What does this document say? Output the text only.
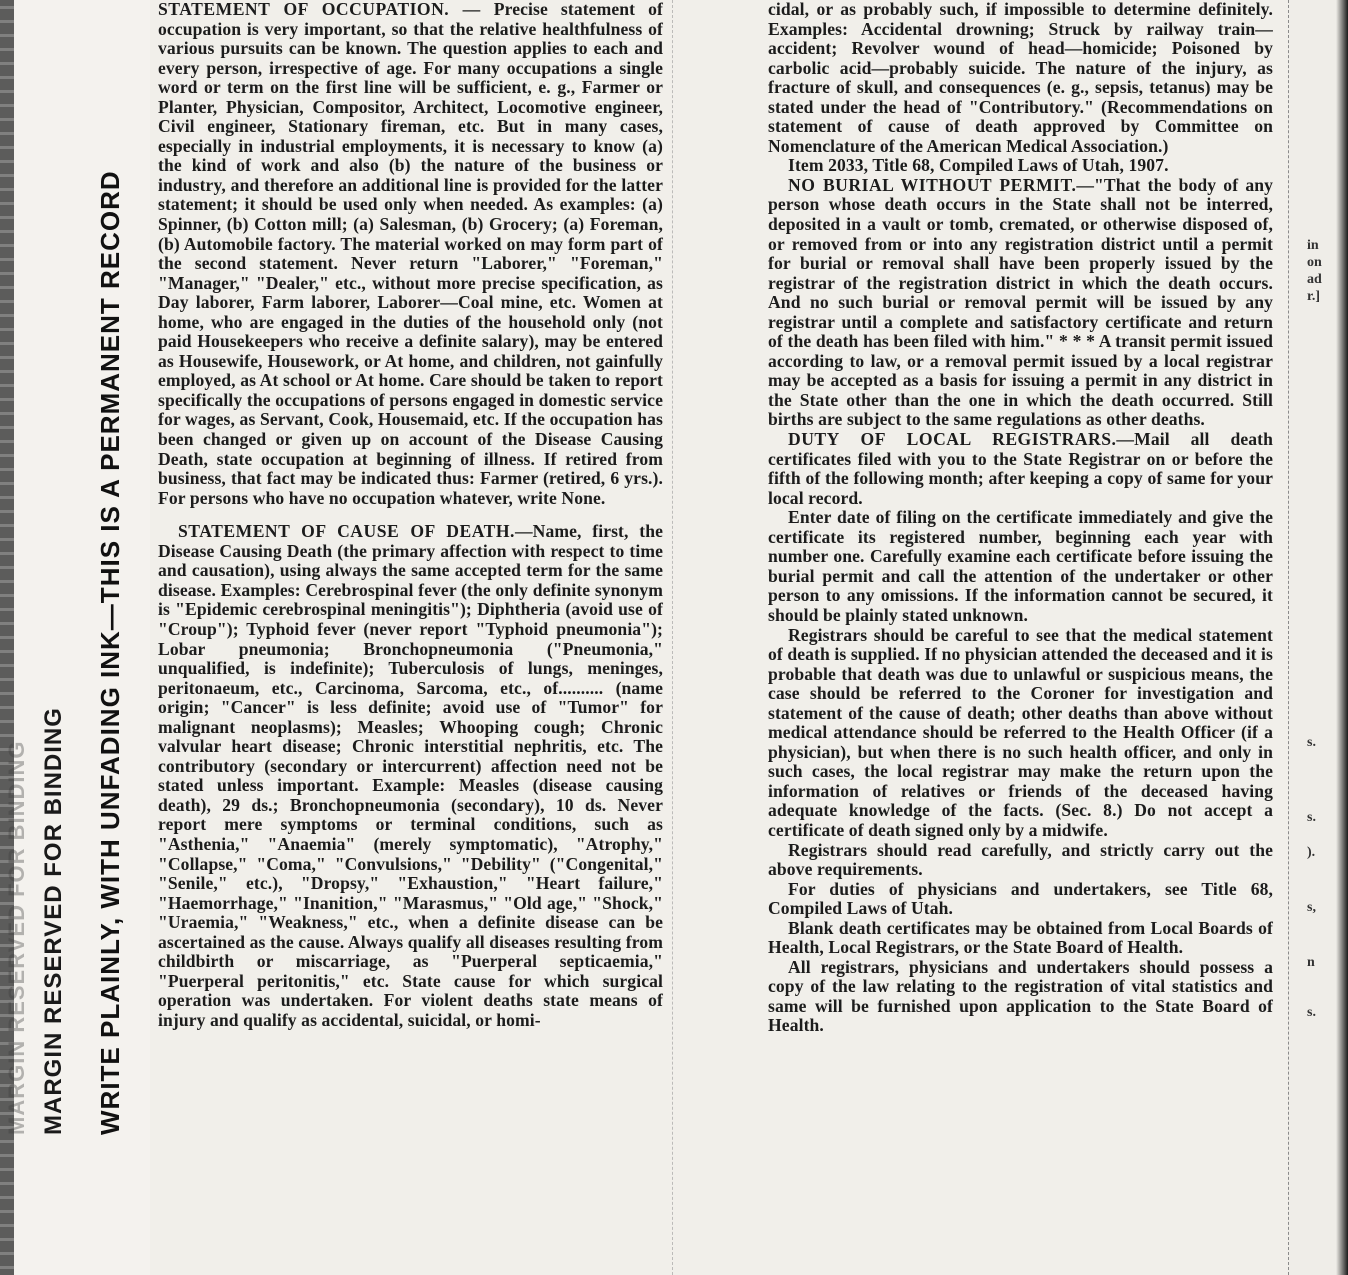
MARGIN RESERVED FOR BINDING MARGIN RESERVED FOR BINDING WRITE PLAINLY, WITH UNFADING INK—THIS IS A PERMANENT RECORD

STATEMENT OF OCCUPATION. — Precise statement of occupation is very important, so that the relative healthfulness of various pursuits can be known. The question applies to each and every person, irrespective of age. For many occupations a single word or term on the first line will be sufficient, e. g., Farmer or Planter, Physician, Compositor, Architect, Locomotive engineer, Civil engineer, Stationary fireman, etc. But in many cases, especially in industrial employments, it is necessary to know (a) the kind of work and also (b) the nature of the business or industry, and therefore an additional line is provided for the latter statement; it should be used only when needed. As examples: (a) Spinner, (b) Cotton mill; (a) Salesman, (b) Grocery; (a) Foreman, (b) Automobile factory. The material worked on may form part of the second statement. Never return "Laborer," "Foreman," "Manager," "Dealer," etc., without more precise specification, as Day laborer, Farm laborer, Laborer—Coal mine, etc. Women at home, who are engaged in the duties of the household only (not paid Housekeepers who receive a definite salary), may be entered as Housewife, Housework, or At home, and children, not gainfully employed, as At school or At home. Care should be taken to report specifically the occupations of persons engaged in domestic service for wages, as Servant, Cook, Housemaid, etc. If the occupation has been changed or given up on account of the Disease Causing Death, state occupation at beginning of illness. If retired from business, that fact may be indicated thus: Farmer (retired, 6 yrs.). For persons who have no occupation whatever, write None.

STATEMENT OF CAUSE OF DEATH.—Name, first, the Disease Causing Death (the primary affection with respect to time and causation), using always the same accepted term for the same disease. Examples: Cerebrospinal fever (the only definite synonym is "Epidemic cerebrospinal meningitis"); Diphtheria (avoid use of "Croup"); Typhoid fever (never report "Typhoid pneumonia"); Lobar pneumonia; Bronchopneumonia ("Pneumonia," unqualified, is indefinite); Tuberculosis of lungs, meninges, peritonaeum, etc., Carcinoma, Sarcoma, etc., of.......... (name origin; "Cancer" is less definite; avoid use of "Tumor" for malignant neoplasms); Measles; Whooping cough; Chronic valvular heart disease; Chronic interstitial nephritis, etc. The contributory (secondary or intercurrent) affection need not be stated unless important. Example: Measles (disease causing death), 29 ds.; Bronchopneumonia (secondary), 10 ds. Never report mere symptoms or terminal conditions, such as "Asthenia," "Anaemia" (merely symptomatic), "Atrophy," "Collapse," "Coma," "Convulsions," "Debility" ("Congenital," "Senile," etc.), "Dropsy," "Exhaustion," "Heart failure," "Haemorrhage," "Inanition," "Marasmus," "Old age," "Shock," "Uraemia," "Weakness," etc., when a definite disease can be ascertained as the cause. Always qualify all diseases resulting from childbirth or miscarriage, as "Puerperal septicaemia," "Puerperal peritonitis," etc. State cause for which surgical operation was undertaken. For violent deaths state means of injury and qualify as accidental, suicidal, or homi-

cidal, or as probably such, if impossible to determine definitely. Examples: Accidental drowning; Struck by railway train—accident; Revolver wound of head—homicide; Poisoned by carbolic acid—probably suicide. The nature of the injury, as fracture of skull, and consequences (e. g., sepsis, tetanus) may be stated under the head of "Contributory." (Recommendations on statement of cause of death approved by Committee on Nomenclature of the American Medical Association.)

Item 2033, Title 68, Compiled Laws of Utah, 1907.

NO BURIAL WITHOUT PERMIT.—"That the body of any person whose death occurs in the State shall not be interred, deposited in a vault or tomb, cremated, or otherwise disposed of, or removed from or into any registration district until a permit for burial or removal shall have been properly issued by the registrar of the registration district in which the death occurs. And no such burial or removal permit will be issued by any registrar until a complete and satisfactory certificate and return of the death has been filed with him." * * * A transit permit issued according to law, or a removal permit issued by a local registrar may be accepted as a basis for issuing a permit in any district in the State other than the one in which the death occurred. Still births are subject to the same regulations as other deaths.

DUTY OF LOCAL REGISTRARS.—Mail all death certificates filed with you to the State Registrar on or before the fifth of the following month; after keeping a copy of same for your local record.

Enter date of filing on the certificate immediately and give the certificate its registered number, beginning each year with number one. Carefully examine each certificate before issuing the burial permit and call the attention of the undertaker or other person to any omissions. If the information cannot be secured, it should be plainly stated unknown.

Registrars should be careful to see that the medical statement of death is supplied. If no physician attended the deceased and it is probable that death was due to unlawful or suspicious means, the case should be referred to the Coroner for investigation and statement of the cause of death; other deaths than above without medical attendance should be referred to the Health Officer (if a physician), but when there is no such health officer, and only in such cases, the local registrar may make the return upon the information of relatives or friends of the deceased having adequate knowledge of the facts. (Sec. 8.) Do not accept a certificate of death signed only by a midwife.

Registrars should read carefully, and strictly carry out the above requirements.

For duties of physicians and undertakers, see Title 68, Compiled Laws of Utah.

Blank death certificates may be obtained from Local Boards of Health, Local Registrars, or the State Board of Health.

All registrars, physicians and undertakers should possess a copy of the law relating to the registration of vital statistics and same will be furnished upon application to the State Board of Health.

in
on
ad
r.]
s.
s.
).
s,
n
s.
